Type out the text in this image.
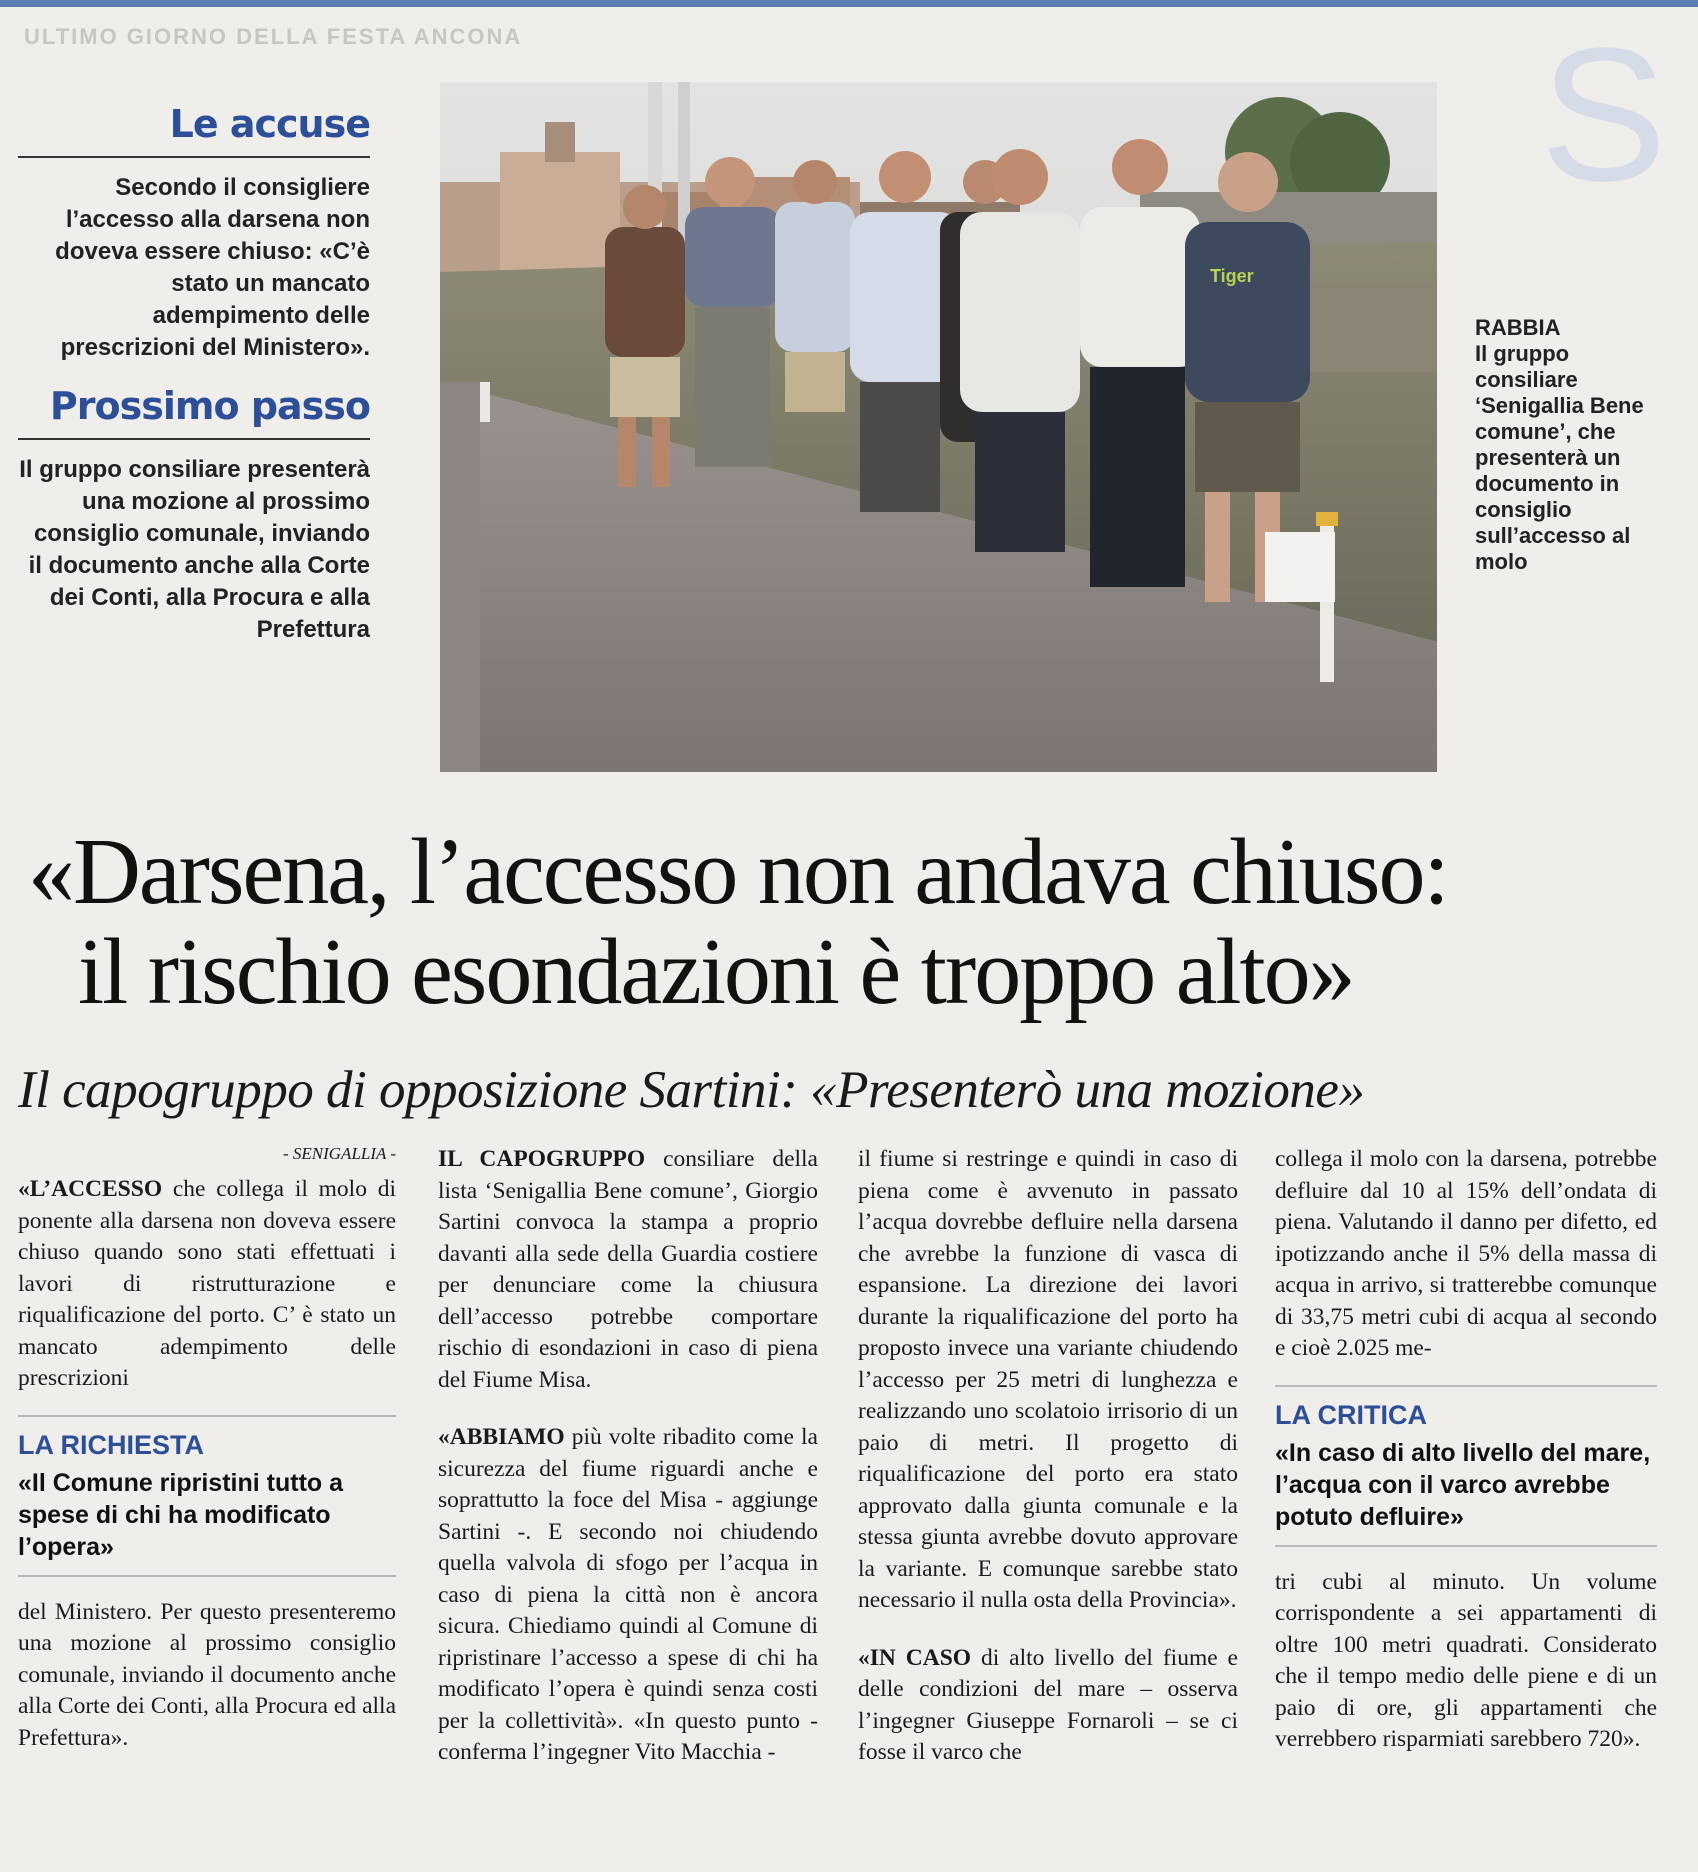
ULTIMO GIORNO DELLA FESTA ANCONA	S
Le accuse
Secondo il consigliere l’accesso alla darsena non doveva essere chiuso: «C’è stato un mancato adempimento delle prescrizioni del Ministero».
Prossimo passo
Il gruppo consiliare presenterà una mozione al prossimo consiglio comunale, inviando il documento anche alla Corte dei Conti, alla Procura e alla Prefettura
Tiger
RABBIA
Il gruppo consiliare ‘Senigallia Bene comune’, che presenterà un documento in consiglio sull’accesso al molo
«Darsena, l’accesso non andava chiuso:
il rischio esondazioni è troppo alto»
Il capogruppo di opposizione Sartini: «Presenterò una mozione»
- SENIGALLIA -

«L’ACCESSO che collega il molo di ponente alla darsena non doveva essere chiuso quando sono stati effettuati i lavori di ristrutturazione e riqualificazione del porto. C’ è stato un mancato adempimento delle prescrizioni

LA RICHIESTA
«Il Comune ripristini tutto a spese di chi ha modificato l’opera»

del Ministero. Per questo presenteremo una mozione al prossimo consiglio comunale, inviando il documento anche alla Corte dei Conti, alla Procura ed alla Prefettura».

IL CAPOGRUPPO consiliare della lista ‘Senigallia Bene comune’, Giorgio Sartini convoca la stampa a proprio davanti alla sede della Guardia costiere per denunciare come la chiusura dell’accesso potrebbe comportare rischio di esondazioni in caso di piena del Fiume Misa.

«ABBIAMO più volte ribadito come la sicurezza del fiume riguardi anche e soprattutto la foce del Misa - aggiunge Sartini -. E secondo noi chiudendo quella valvola di sfogo per l’acqua in caso di piena la città non è ancora sicura. Chiediamo quindi al Comune di ripristinare l’accesso a spese di chi ha modificato l’opera è quindi senza costi per la collettività». «In questo punto - conferma l’ingegner Vito Macchia -

il fiume si restringe e quindi in caso di piena come è avvenuto in passato l’acqua dovrebbe defluire nella darsena che avrebbe la funzione di vasca di espansione. La direzione dei lavori durante la riqualificazione del porto ha proposto invece una variante chiudendo l’accesso per 25 metri di lunghezza e realizzando uno scolatoio irrisorio di un paio di metri. Il progetto di riqualificazione del porto era stato approvato dalla giunta comunale e la stessa giunta avrebbe dovuto approvare la variante. E comunque sarebbe stato necessario il nulla osta della Provincia».

«IN CASO di alto livello del fiume e delle condizioni del mare – osserva l’ingegner Giuseppe Fornaroli – se ci fosse il varco che

collega il molo con la darsena, potrebbe defluire dal 10 al 15% dell’ondata di piena. Valutando il danno per difetto, ed ipotizzando anche il 5% della massa di acqua in arrivo, si tratterebbe comunque di 33,75 metri cubi di acqua al secondo e cioè 2.025 me-

LA CRITICA
«In caso di alto livello del mare, l’acqua con il varco avrebbe potuto defluire»

tri cubi al minuto. Un volume corrispondente a sei appartamenti di oltre 100 metri quadrati. Considerato che il tempo medio delle piene e di un paio di ore, gli appartamenti che verrebbero risparmiati sarebbero 720».
